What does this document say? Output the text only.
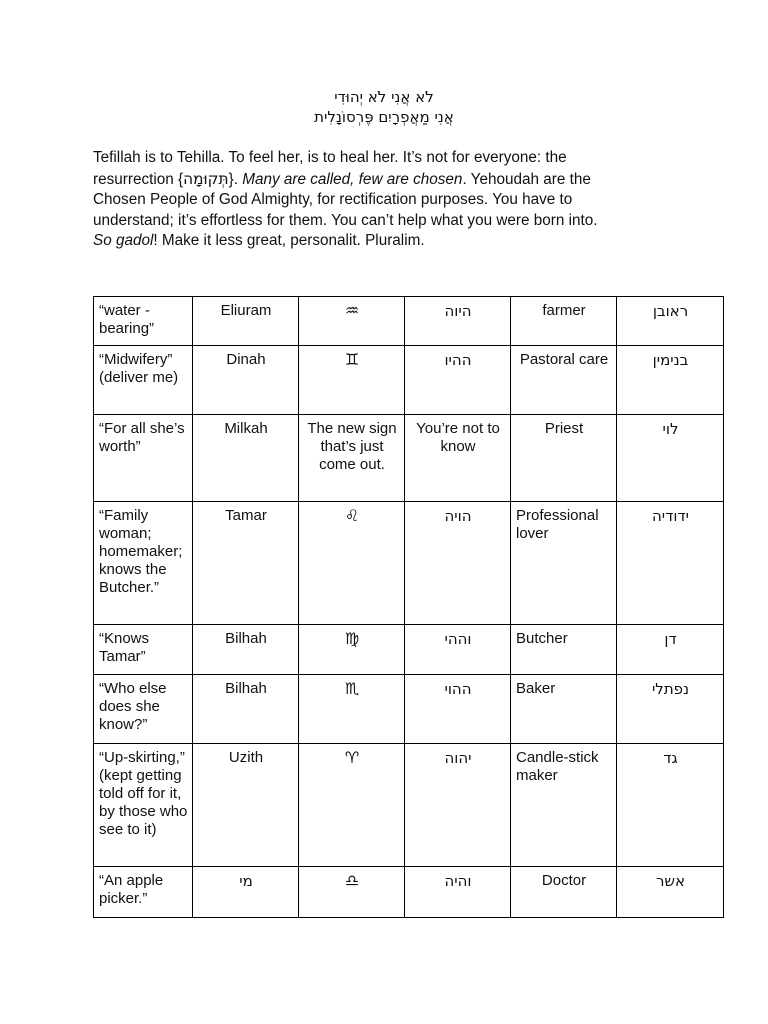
לֹא אֲנִי לֹא יְהוּדִי
אֲנִי מַאֲפְרָיִם פֶּרְסוֹנָלִית
Tefillah is to Tehilla. To feel her, is to heal her. It’s not for everyone: the
resurrection {תְּקוּמָה}. Many are called, few are chosen. Yehoudah are the
Chosen People of God Almighty, for rectification purposes. You have to
understand; it’s effortless for them. You can’t help what you were born into.
So gadol! Make it less great, personalit. Pluralim.
“water -bearing”	Eliuram	♒	היוה	farmer	ראובן
“Midwifery” (deliver me)	Dinah	♊	ההיו	Pastoral care	בנימין
“For all she’s worth”	Milkah	The new sign that’s just come out.	You’re not to know	Priest	לוי
“Family woman; homemaker; knows the Butcher.”	Tamar	♌	הויה	Professional lover	ידודיה
“Knows Tamar”	Bilhah	♍	וההי	Butcher	דן
“Who else does she know?”	Bilhah	♏	ההוי	Baker	נפתלי
“Up-skirting,” (kept getting told off for it, by those who see to it)	Uzith	♈	יהוה	Candle-stick maker	גד
“An apple picker.”	מי	♎	והיה	Doctor	אשר
